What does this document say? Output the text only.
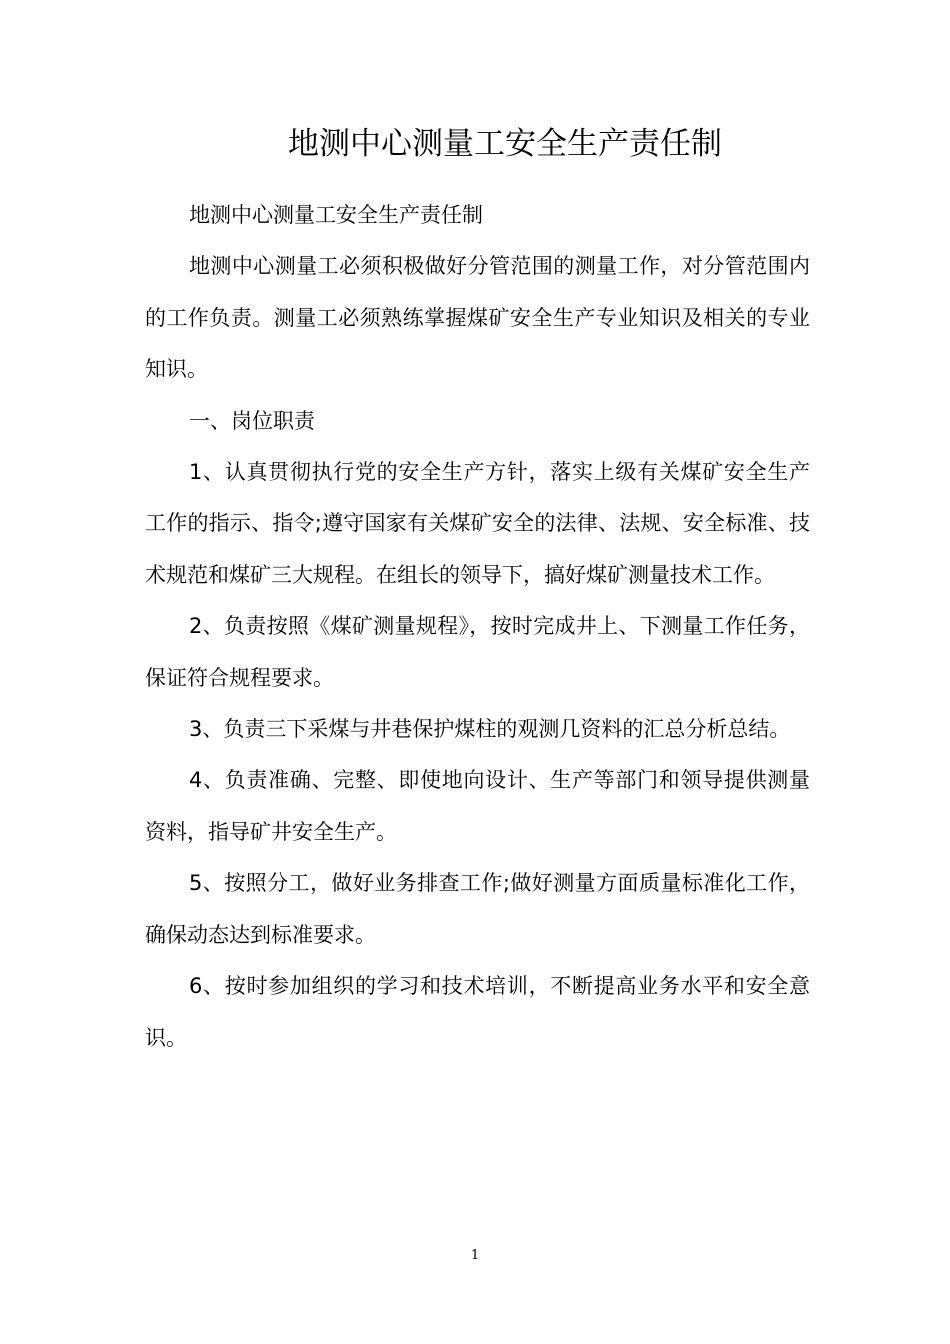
地测中心测量工安全生产责任制

地测中心测量工安全生产责任制

地测中心测量工必须积极做好分管范围的测量工作，对分管范围内的工作负责。测量工必须熟练掌握煤矿安全生产专业知识及相关的专业知识。

一、岗位职责

1、认真贯彻执行党的安全生产方针，落实上级有关煤矿安全生产工作的指示、指令;遵守国家有关煤矿安全的法律、法规、安全标准、技术规范和煤矿三大规程。在组长的领导下，搞好煤矿测量技术工作。

2、负责按照《煤矿测量规程》，按时完成井上、下测量工作任务，保证符合规程要求。

3、负责三下采煤与井巷保护煤柱的观测几资料的汇总分析总结。

4、负责准确、完整、即使地向设计、生产等部门和领导提供测量资料，指导矿井安全生产。

5、按照分工，做好业务排查工作;做好测量方面质量标准化工作，确保动态达到标准要求。

6、按时参加组织的学习和技术培训，不断提高业务水平和安全意识。

1
